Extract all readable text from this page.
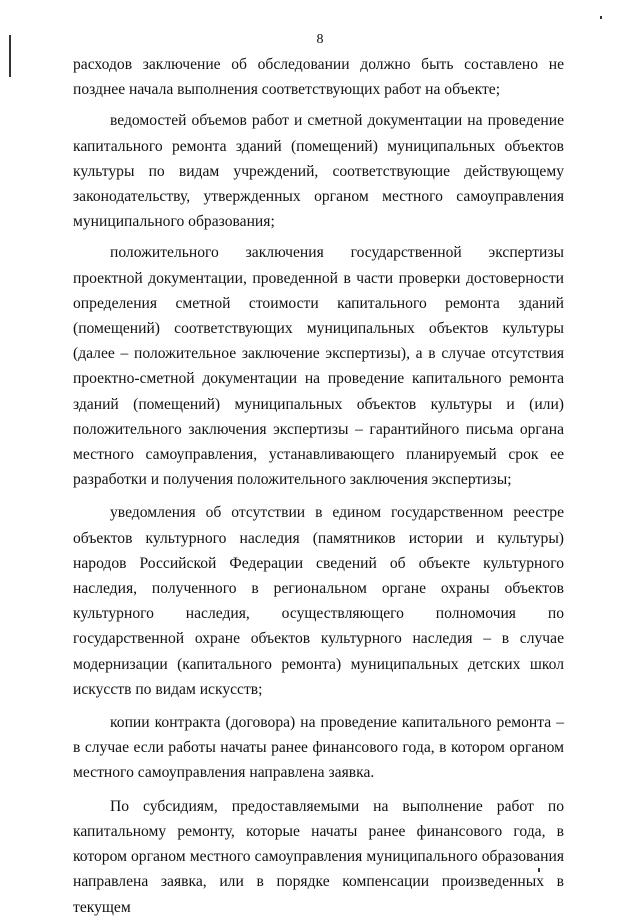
8

расходов заключение об обследовании должно быть составлено не позднее начала выполнения соответствующих работ на объекте;

ведомостей объемов работ и сметной документации на проведение капитального ремонта зданий (помещений) муниципальных объектов культуры по видам учреждений, соответствующие действующему законодательству, утвержденных органом местного самоуправления муниципального образования;

положительного заключения государственной экспертизы проектной документации, проведенной в части проверки достоверности определения сметной стоимости капитального ремонта зданий (помещений) соответствующих муниципальных объектов культуры (далее – положительное заключение экспертизы), а в случае отсутствия проектно-сметной документации на проведение капитального ремонта зданий (помещений) муниципальных объектов культуры и (или) положительного заключения экспертизы – гарантийного письма органа местного самоуправления, устанавливающего планируемый срок ее разработки и получения положительного заключения экспертизы;

уведомления об отсутствии в едином государственном реестре объектов культурного наследия (памятников истории и культуры) народов Российской Федерации сведений об объекте культурного наследия, полученного в региональном органе охраны объектов культурного наследия, осуществляющего полномочия по государственной охране объектов культурного наследия – в случае модернизации (капитального ремонта) муниципальных детских школ искусств по видам искусств;

копии контракта (договора) на проведение капитального ремонта – в случае если работы начаты ранее финансового года, в котором органом местного самоуправления направлена заявка.

По субсидиям, предоставляемыми на выполнение работ по капитальному ремонту, которые начаты ранее финансового года, в котором органом местного самоуправления муниципального образования направлена заявка, или в порядке компенсации произведенных в текущем
